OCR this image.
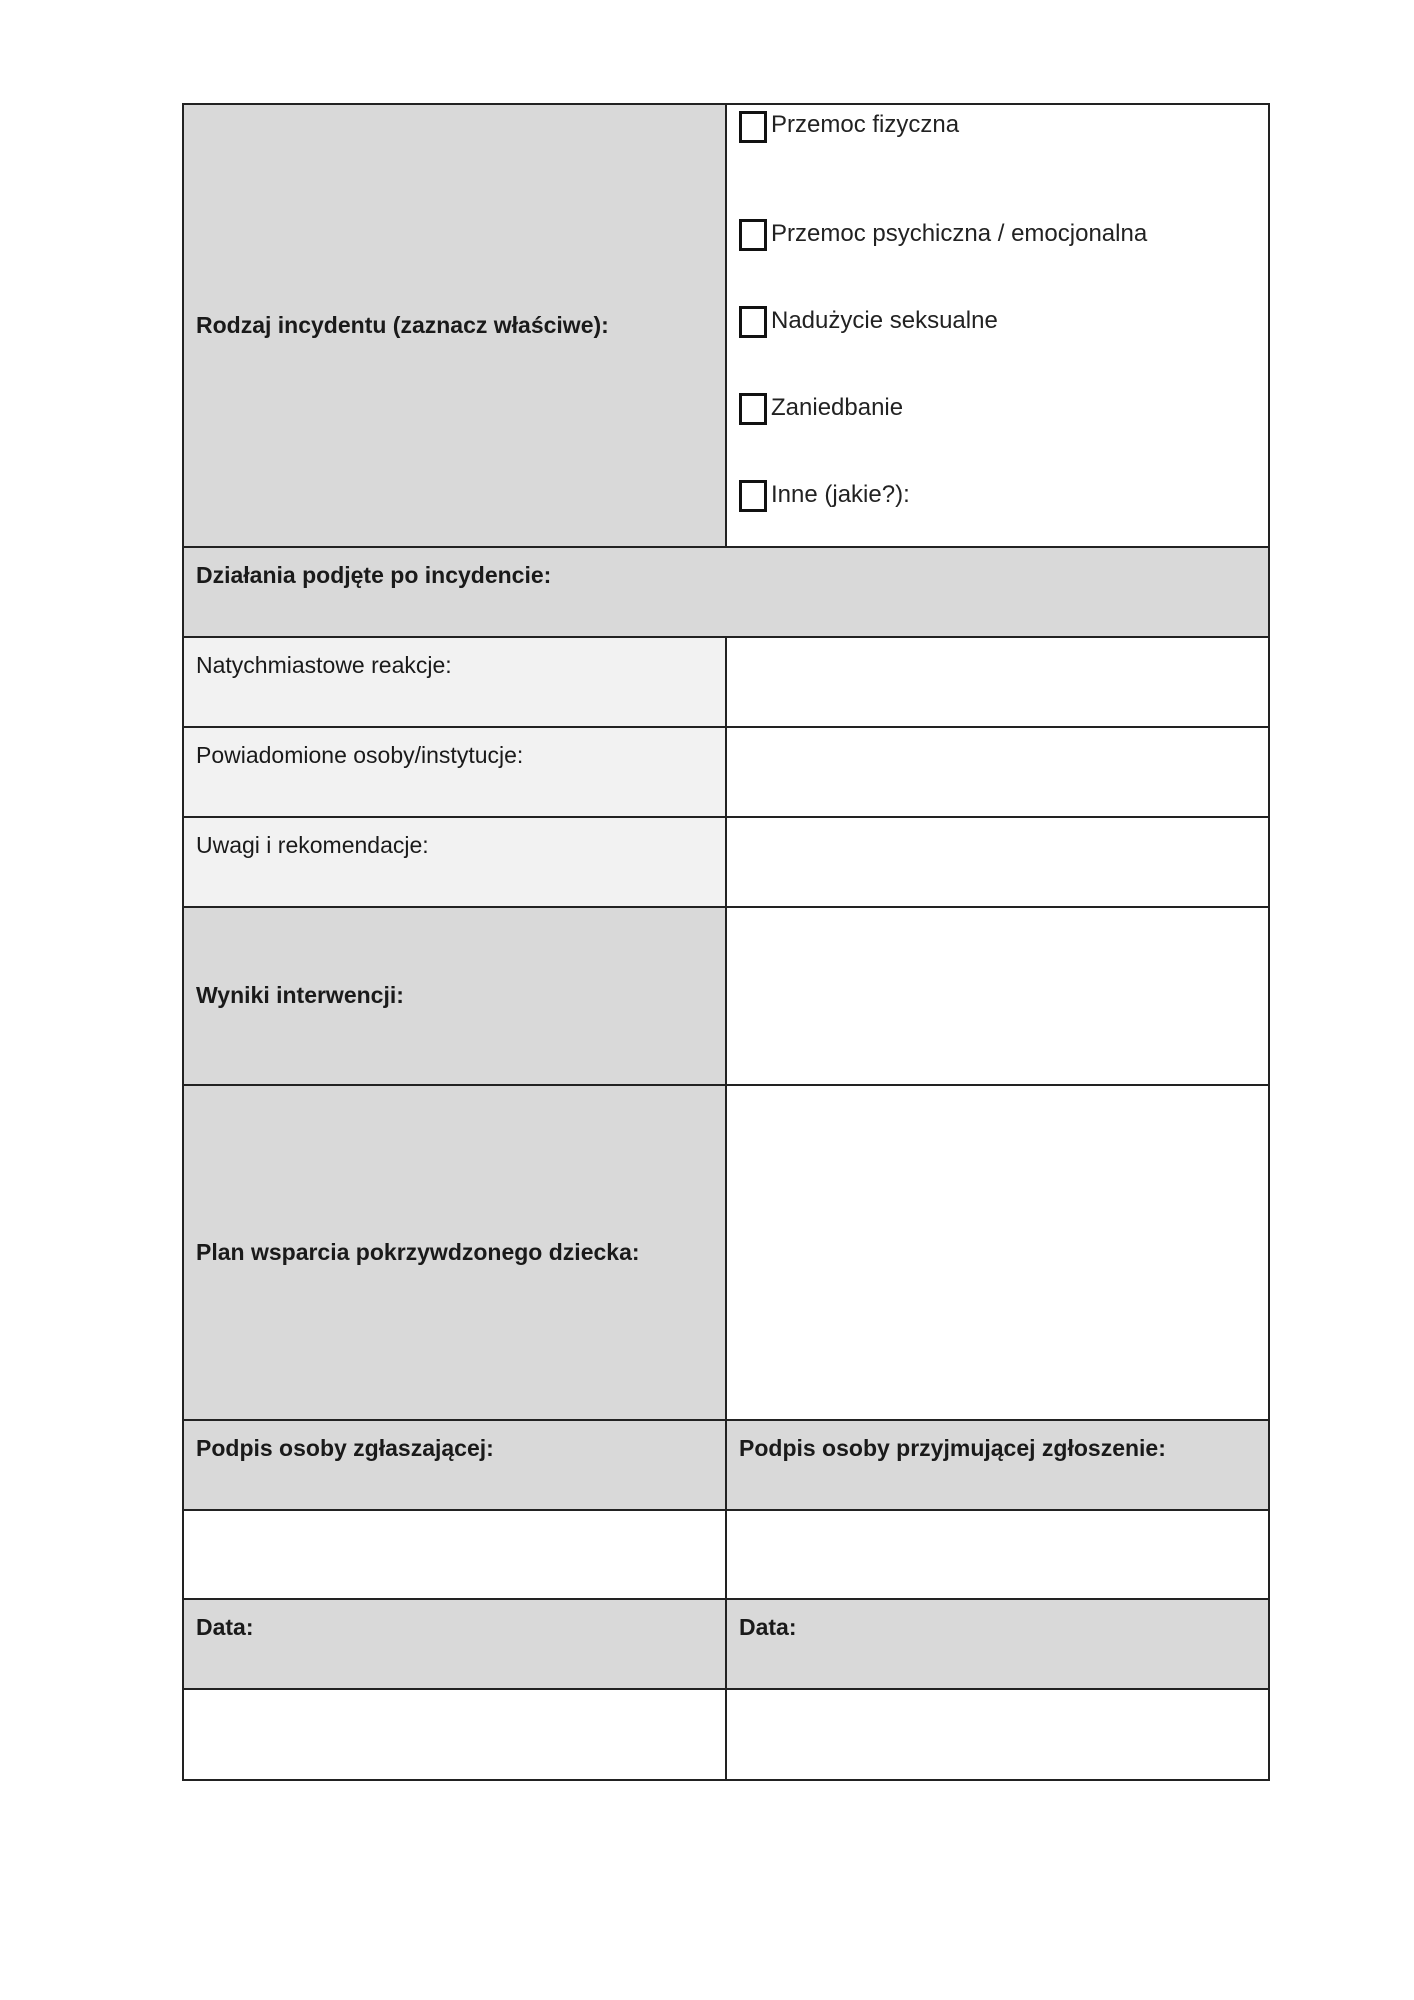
Rodzaj incydentu (zaznacz właściwe):	Przemoc fizyczna
Przemoc psychiczna / emocjonalna
Nadużycie seksualne
Zaniedbanie
Inne (jakie?):

Działania podjęte po incydencie:	
Natychmiastowe reakcje:	
Powiadomione osoby/instytucje:	
Uwagi i rekomendacje:	
Wyniki interwencji:	
Plan wsparcia pokrzywdzonego dziecka:	
Podpis osoby zgłaszającej:	Podpis osoby przyjmującej zgłoszenie:

Data:	Data:
